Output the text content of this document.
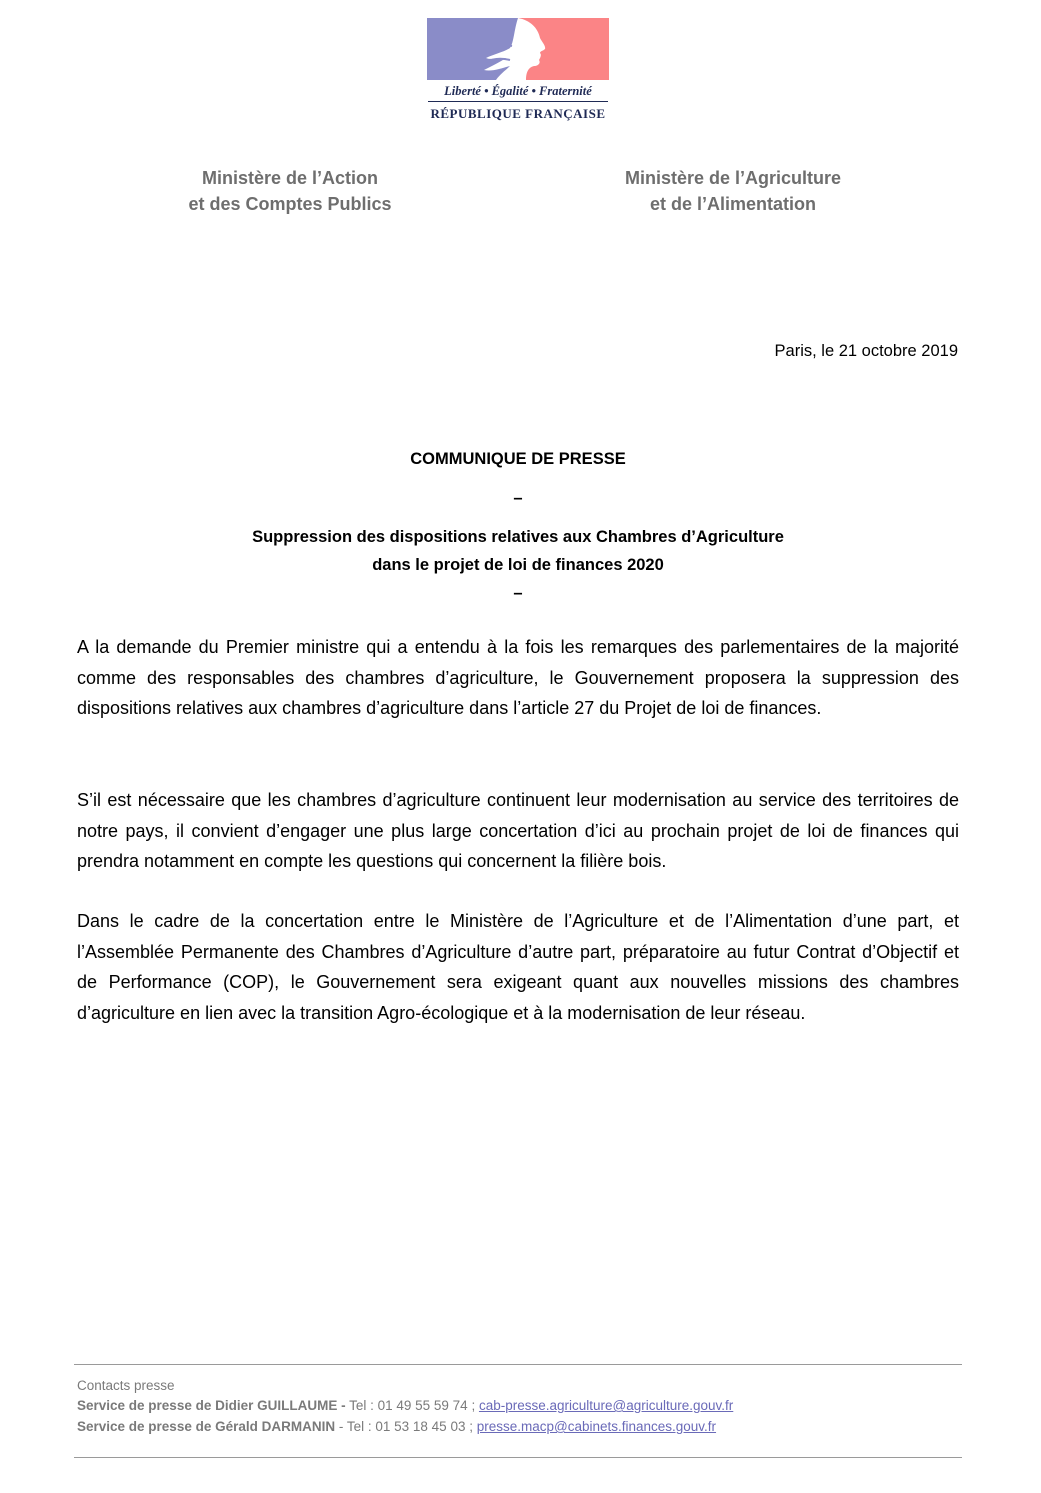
Liberté • Égalité • Fraternité
RÉPUBLIQUE FRANÇAISE
Ministère de l’Action
et des Comptes Publics
Ministère de l’Agriculture
et de l’Alimentation
Paris, le 21 octobre 2019
COMMUNIQUE DE PRESSE
–
Suppression des dispositions relatives aux Chambres d’Agriculture
dans le projet de loi de finances 2020
–

A la demande du Premier ministre qui a entendu à la fois les remarques des parlementaires de la majorité comme des responsables des chambres d’agriculture, le Gouvernement proposera la suppression des dispositions relatives aux chambres d’agriculture dans l’article 27 du Projet de loi de finances.

S’il est nécessaire que les chambres d’agriculture continuent leur modernisation au service des territoires de notre pays, il convient d’engager une plus large concertation d’ici au prochain projet de loi de finances qui prendra notamment en compte les questions qui concernent la filière bois.

Dans le cadre de la concertation entre le Ministère de l’Agriculture et de l’Alimentation d’une part, et l’Assemblée Permanente des Chambres d’Agriculture d’autre part, préparatoire au futur Contrat d’Objectif et de Performance (COP), le Gouvernement sera exigeant quant aux nouvelles missions des chambres d’agriculture en lien avec la transition Agro-écologique et à la modernisation de leur réseau.

Contacts presse
Service de presse de Didier GUILLAUME - Tel : 01 49 55 59 74 ; cab-presse.agriculture@agriculture.gouv.fr
Service de presse de Gérald DARMANIN - Tel : 01 53 18 45 03 ; presse.macp@cabinets.finances.gouv.fr
